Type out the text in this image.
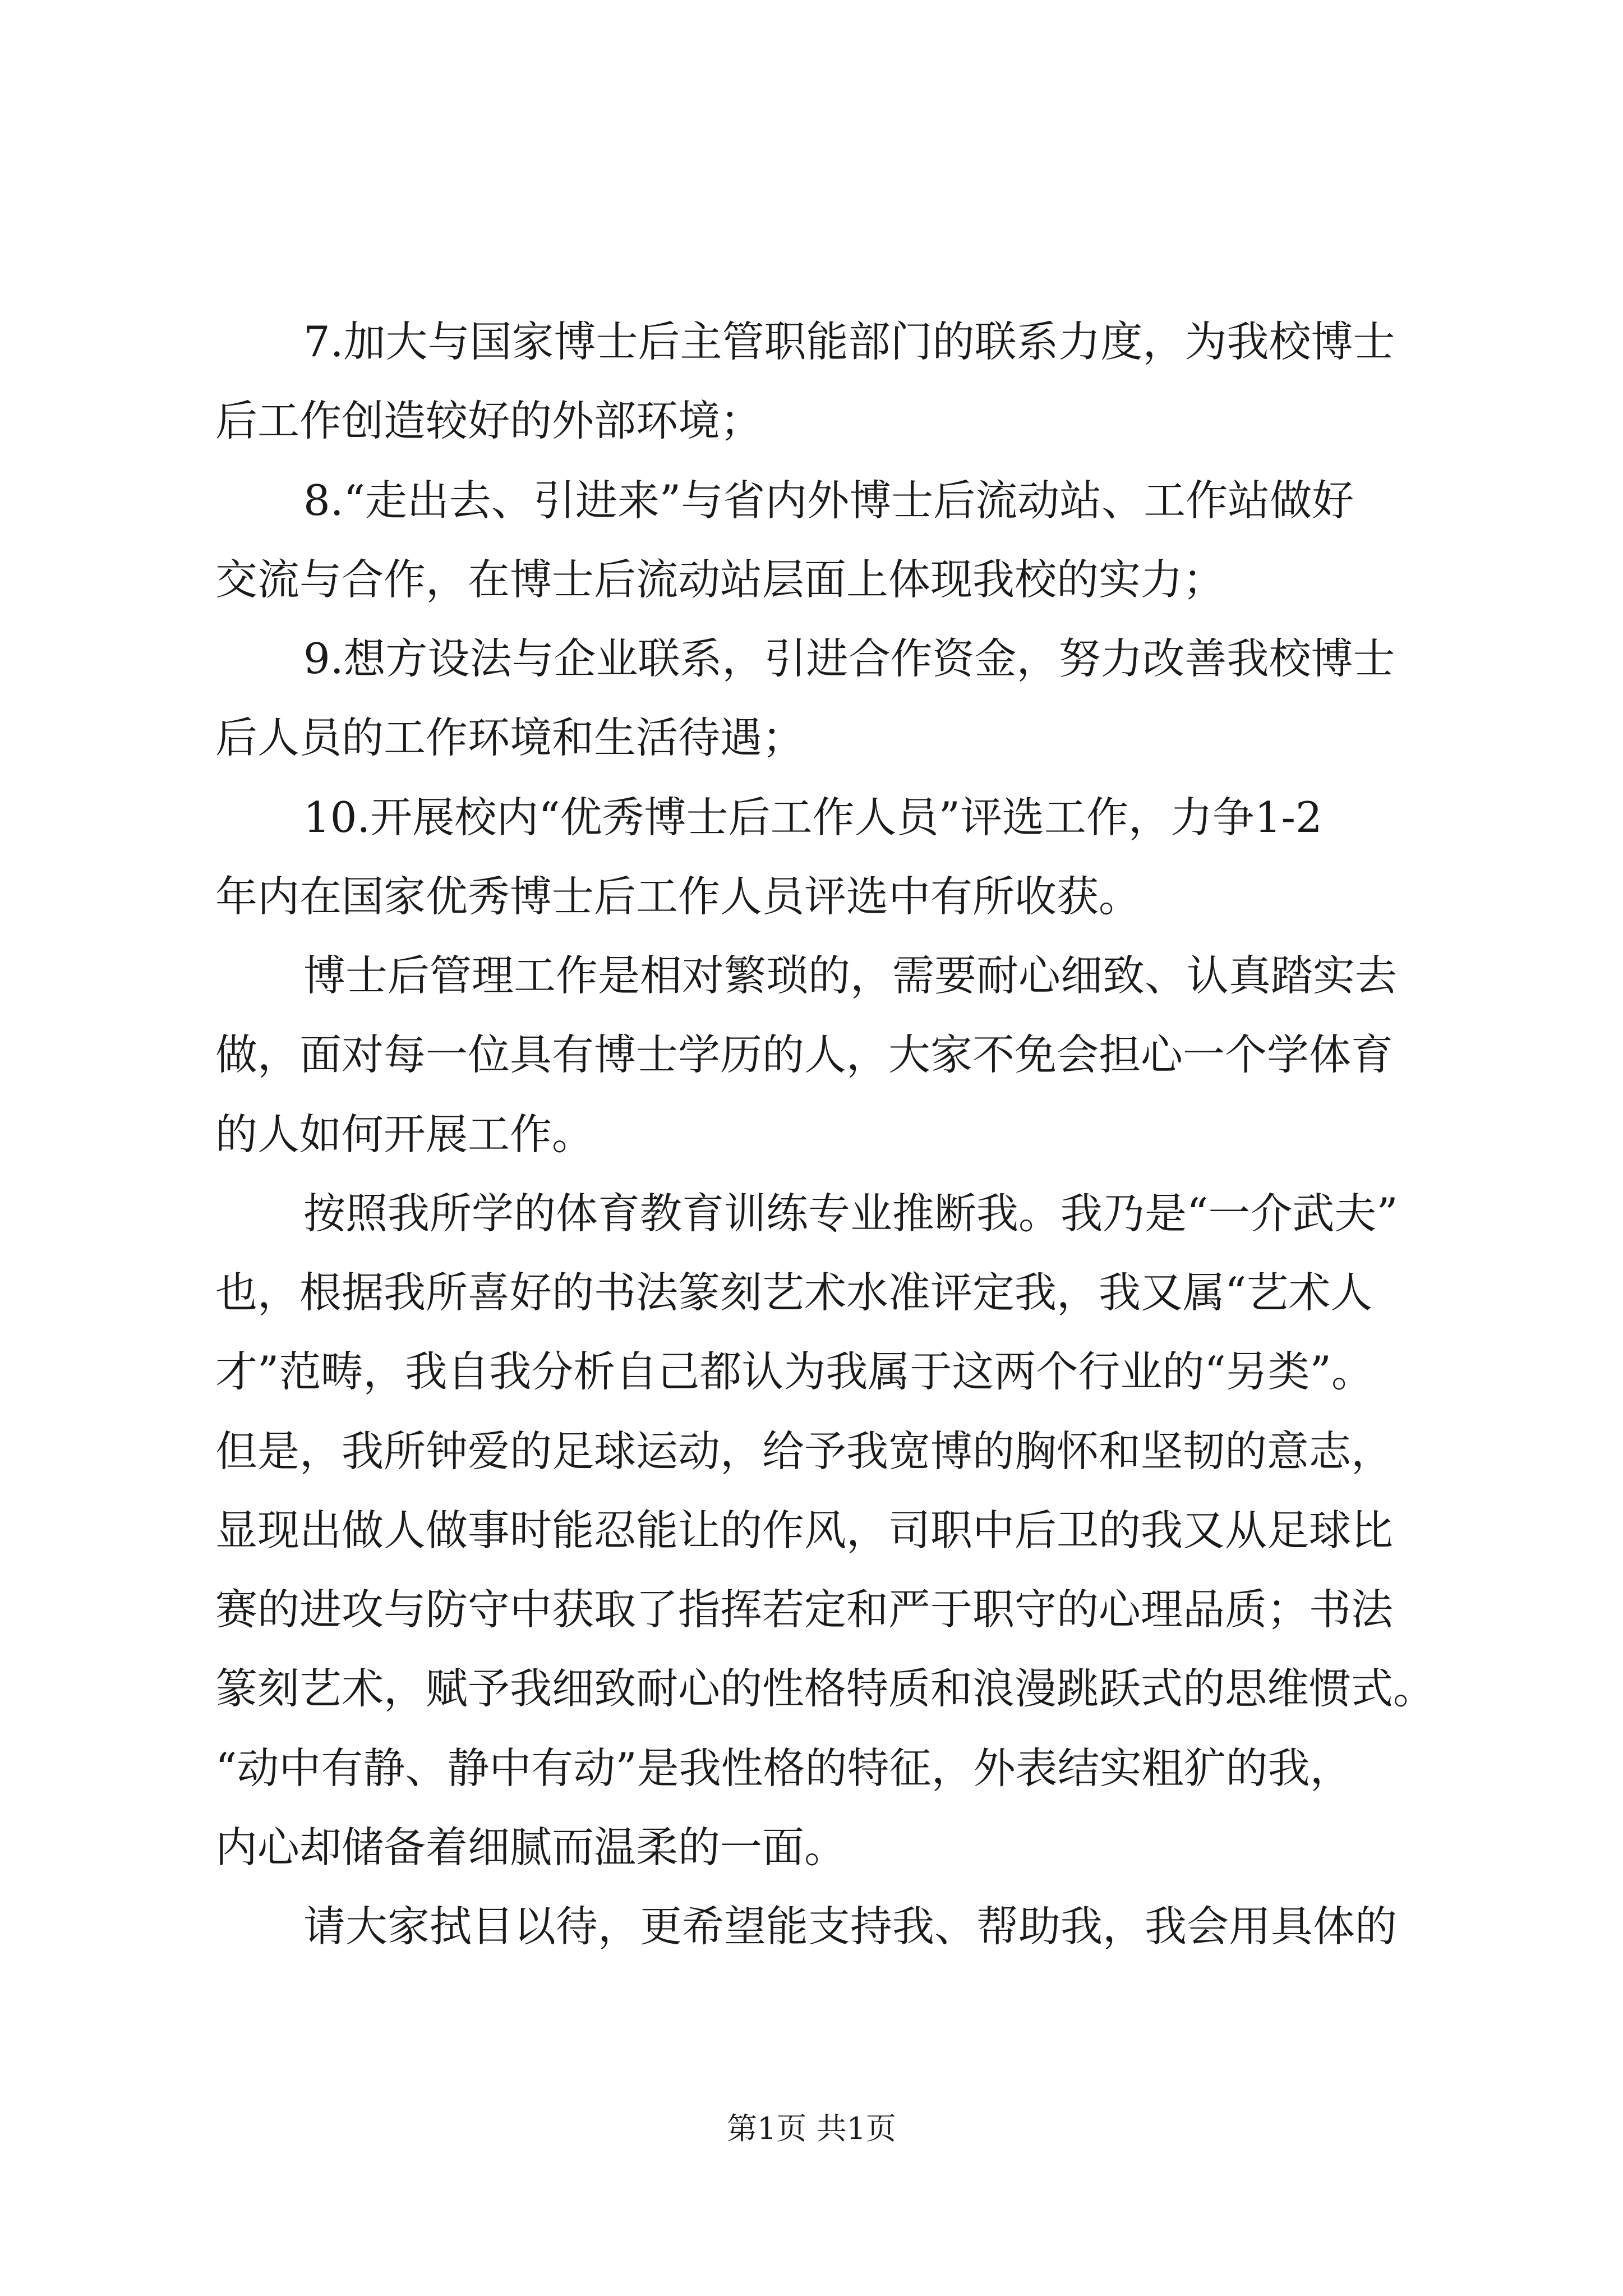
7.加大与国家博士后主管职能部门的联系力度，为我校博士
后工作创造较好的外部环境；
8.“走出去、引进来”与省内外博士后流动站、工作站做好
交流与合作，在博士后流动站层面上体现我校的实力；
9.想方设法与企业联系，引进合作资金，努力改善我校博士
后人员的工作环境和生活待遇；
10.开展校内“优秀博士后工作人员”评选工作，力争1-2
年内在国家优秀博士后工作人员评选中有所收获。
博士后管理工作是相对繁琐的，需要耐心细致、认真踏实去
做，面对每一位具有博士学历的人，大家不免会担心一个学体育
的人如何开展工作。
按照我所学的体育教育训练专业推断我。我乃是“一介武夫”
也，根据我所喜好的书法篆刻艺术水准评定我，我又属“艺术人
才”范畴，我自我分析自己都认为我属于这两个行业的“另类”。
但是，我所钟爱的足球运动，给予我宽博的胸怀和坚韧的意志，
显现出做人做事时能忍能让的作风，司职中后卫的我又从足球比
赛的进攻与防守中获取了指挥若定和严于职守的心理品质；书法
篆刻艺术，赋予我细致耐心的性格特质和浪漫跳跃式的思维惯式。
“动中有静、静中有动”是我性格的特征，外表结实粗犷的我，
内心却储备着细腻而温柔的一面。
请大家拭目以待，更希望能支持我、帮助我，我会用具体的
第1页 共1页
